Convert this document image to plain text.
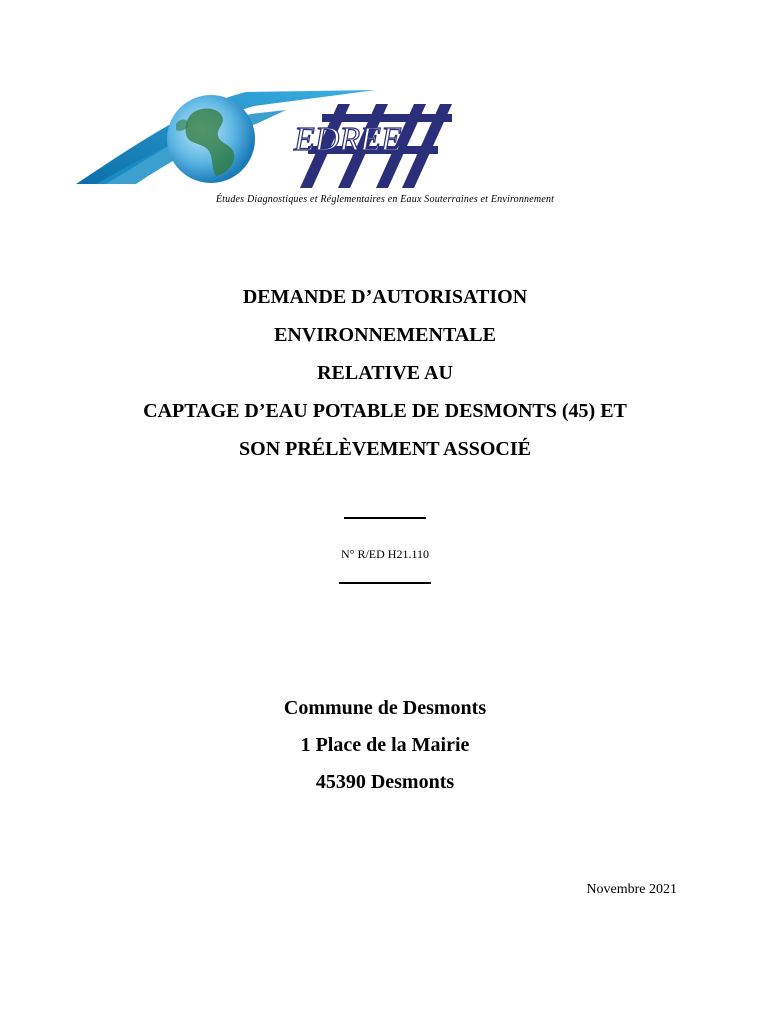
EDREE
Études Diagnostiques et Réglementaires en Eaux Souterraines et Environnement
DEMANDE D’AUTORISATION
ENVIRONNEMENTALE
RELATIVE AU
CAPTAGE D’EAU POTABLE DE DESMONTS (45) ET
SON PRÉLÈVEMENT ASSOCIÉ
N° R/ED H21.110
Commune de Desmonts
1 Place de la Mairie
45390 Desmonts
Novembre 2021
